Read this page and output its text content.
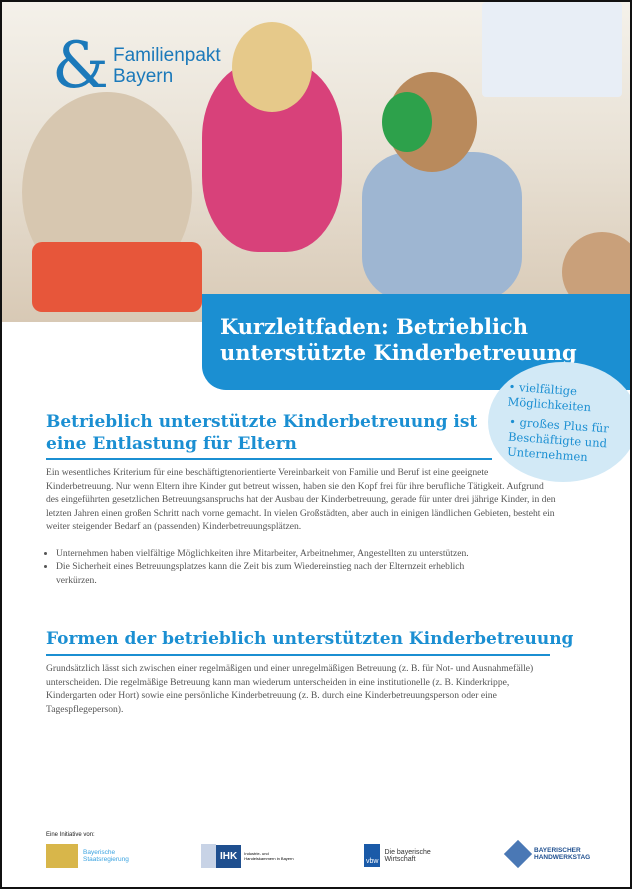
& Familienpakt
Bayern
Kurzleitfaden: Betrieblich unterstützte Kinderbetreuung
• vielfältige Möglichkeiten
• großes Plus für Beschäftigte und Unternehmen
Betrieblich unterstützte Kinderbetreuung ist eine Entlastung für Eltern

Ein wesentliches Kriterium für eine beschäftigtenorientierte Vereinbarkeit von Familie und Beruf ist eine geeignete Kinderbetreuung. Nur wenn Eltern ihre Kinder gut betreut wissen, haben sie den Kopf frei für ihre berufliche Tätigkeit. Aufgrund des eingeführten gesetzlichen Betreuungsanspruchs hat der Ausbau der Kinderbetreuung, gerade für unter drei jährige Kinder, in den letzten Jahren einen großen Schritt nach vorne gemacht. In vielen Großstädten, aber auch in einigen ländlichen Gebieten, besteht ein weiter steigender Bedarf an (passenden) Kinderbetreuungsplätzen.

• Unternehmen haben vielfältige Möglichkeiten ihre Mitarbeiter, Arbeitnehmer, Angestellten zu unterstützen.
• Die Sicherheit eines Betreuungsplatzes kann die Zeit bis zum Wiedereinstieg nach der Elternzeit erheblich verkürzen.
Formen der betrieblich unterstützten Kinderbetreuung

Grundsätzlich lässt sich zwischen einer regelmäßigen und einer unregelmäßigen Betreuung (z. B. für Not- und Ausnahmefälle) unterscheiden. Die regelmäßige Betreuung kann man wiederum unterscheiden in eine institutionelle (z. B. Kinderkrippe, Kindergarten oder Hort) sowie eine persönliche Kinderbetreuung (z. B. durch eine Kinderbetreuungsperson oder eine Tagespflegeperson).

Eine Initiative von:
Bayerische Staatsregierung	IHK	Industrie- und Handelskammern in Bayern	vbw
Die bayerische Wirtschaft
BAYERISCHER HANDWERKSTAG
